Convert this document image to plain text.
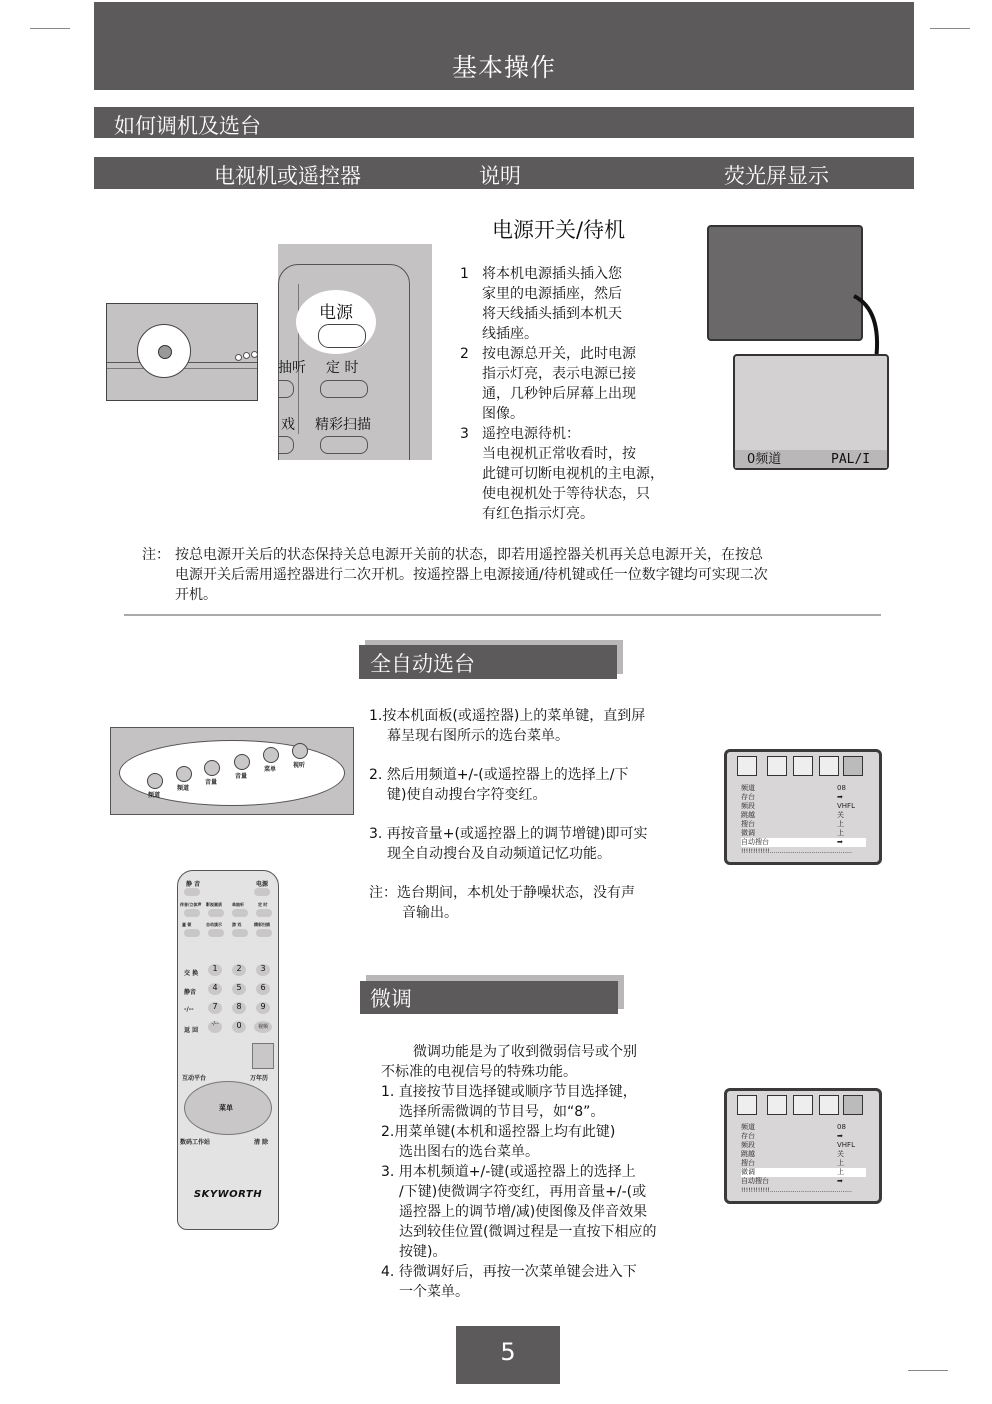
基本操作
如何调机及选台
电视机或遥控器	说明	荧光屏显示
电源开关/待机
电源
抽听 定 时
戏 精彩扫描
1 将本机电源插头插入您
家里的电源插座，然后
将天线插头插到本机天
线插座。
2 按电源总开关，此时电源
指示灯亮，表示电源已接
通，几秒钟后屏幕上出现
图像。
3 遥控电源待机：
当电视机正常收看时，按
此键可切断电视机的主电源，
使电视机处于等待状态，只
有红色指示灯亮。
0频道	PAL/I
注： 按总电源开关后的状态保持关总电源开关前的状态，即若用遥控器关机再关总电源开关，在按总
电源开关后需用遥控器进行二次开机。按遥控器上电源接通/待机键或任一位数字键均可实现二次
开机。
全自动选台
1.按本机面板(或遥控器)上的菜单键，直到屏
幕呈现右图所示的选台菜单。
2. 然后用频道+/-(或遥控器上的选择上/下
键)使自动搜台字符变红。
3. 再按音量+(或遥控器上的调节增键)即可实
现全自动搜台及自动频道记忆功能。
注：选台期间，本机处于静噪状态，没有声
音输出。
频道
频道
音量
音量
菜单
视听
频道	08
存台	➡
频段	VHFL
跳越	关
搜台	上
微调	上
自动搜台	➡
!!!!!!!!!!!!...........................................
微调
微调功能是为了收到微弱信号或个别
不标准的电视信号的特殊功能。
1. 直接按节目选择键或顺序节目选择键，
选择所需微调的节目号，如“8”。
2.用菜单键(本机和遥控器上均有此键)
选出图右的选台菜单。
3. 用本机频道+/-键(或遥控器上的选择上
/下键)使微调字符变红，再用音量+/-(或
遥控器上的调节增/减)使图像及伴音效果
达到较佳位置(微调过程是一直按下相应的
按键)。
4. 待微调好后，再按一次菜单键会进入下
一个菜单。
频道	08
存台	➡
频段	VHFL
跳越	关
搜台	上
微调	上
自动搜台	➡
!!!!!!!!!!!!...........................................
静 音	电源
伴音/立体声 影视画质	单抽听	定 时
童 锁	自动演示	游 戏	精彩扫描
交 换
静音
-/--
返 回
1	2	3
4	5	6
7	8	9
-/--	0	视频
互动平台	万年历
菜单
数码工作站	清 除
SKYWORTH
5
